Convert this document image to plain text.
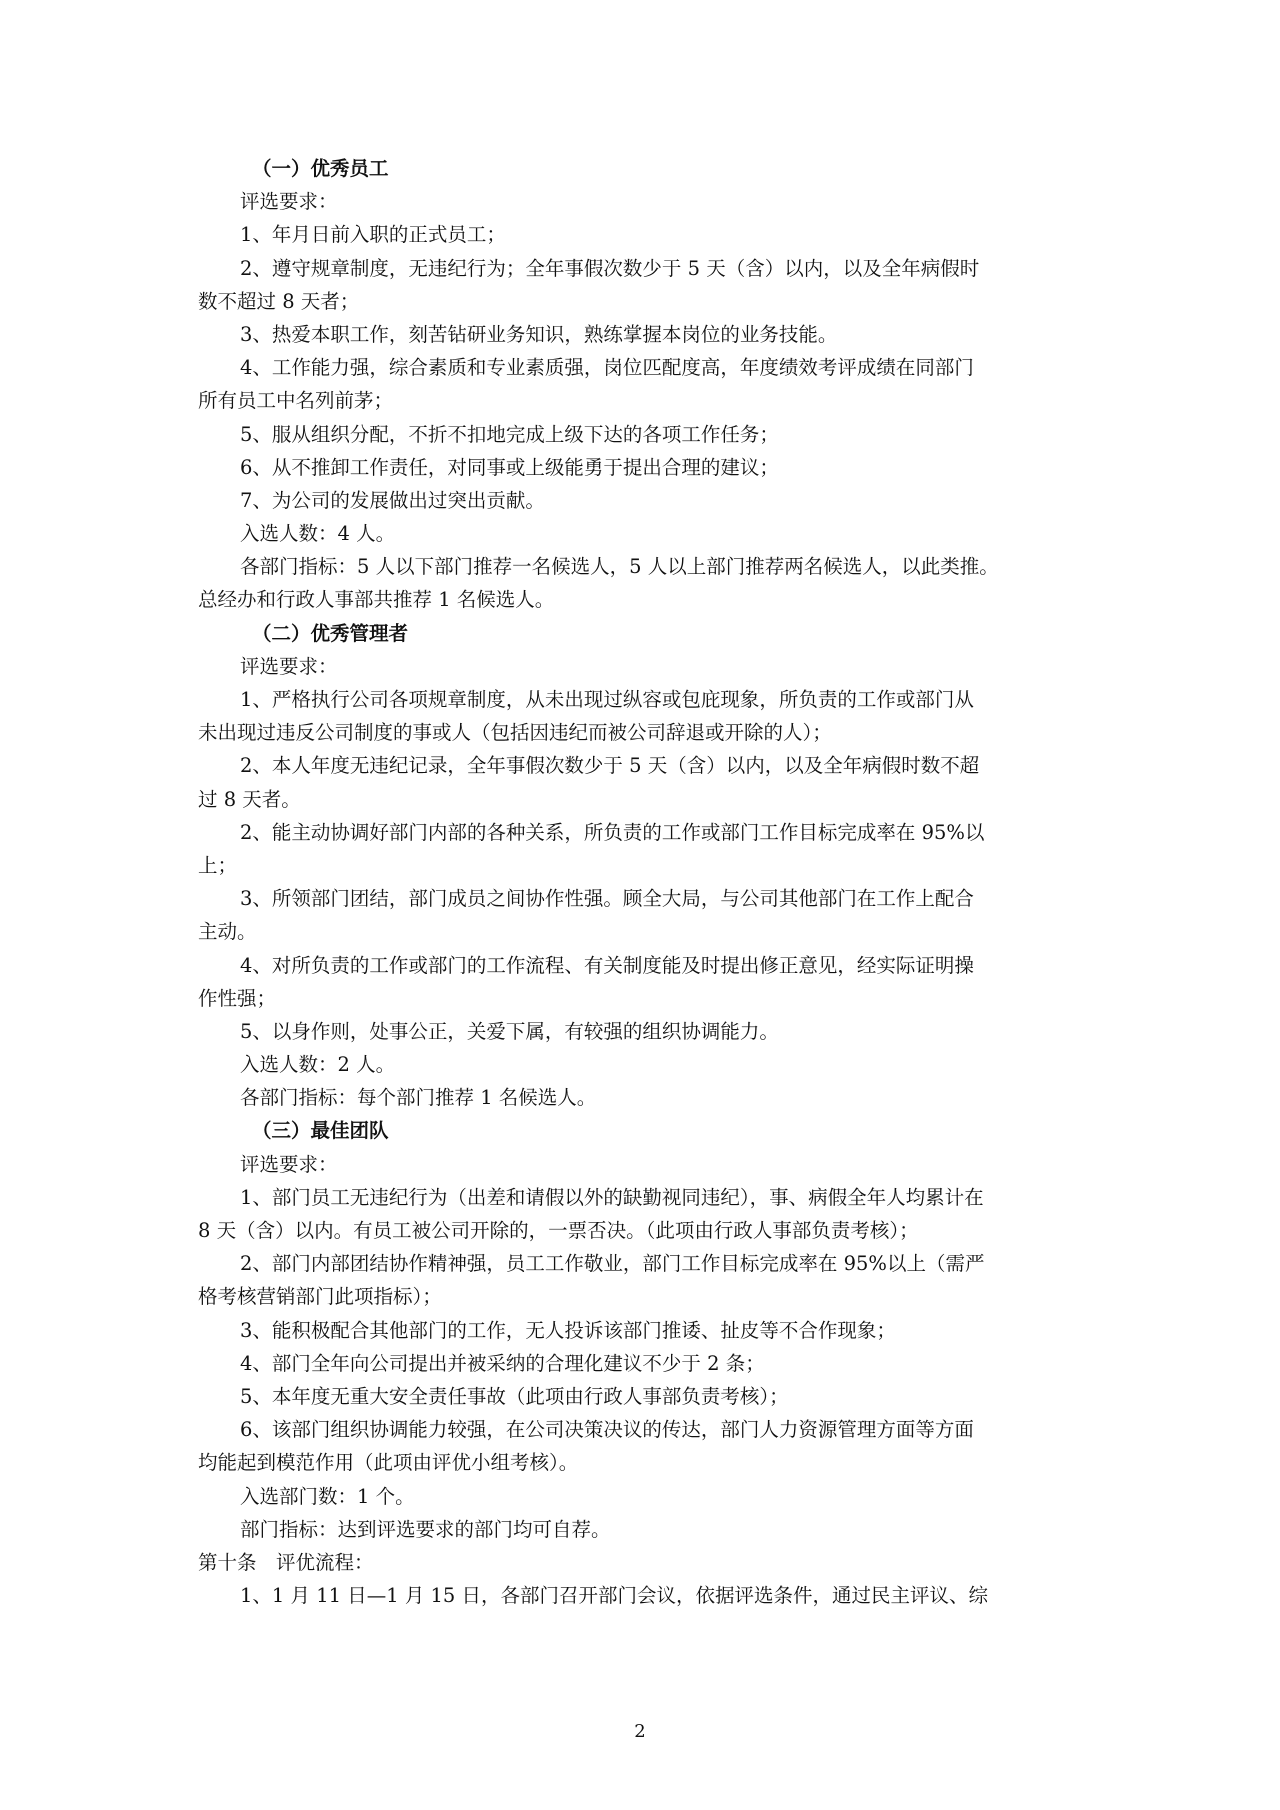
（一）优秀员工
评选要求：
1、年月日前入职的正式员工；
2、遵守规章制度，无违纪行为；全年事假次数少于 5 天（含）以内，以及全年病假时
数不超过 8 天者；
3、热爱本职工作，刻苦钻研业务知识，熟练掌握本岗位的业务技能。
4、工作能力强，综合素质和专业素质强，岗位匹配度高，年度绩效考评成绩在同部门
所有员工中名列前茅；
5、服从组织分配，不折不扣地完成上级下达的各项工作任务；
6、从不推卸工作责任，对同事或上级能勇于提出合理的建议；
7、为公司的发展做出过突出贡献。
入选人数：4 人。
各部门指标：5 人以下部门推荐一名候选人，5 人以上部门推荐两名候选人，以此类推。
总经办和行政人事部共推荐 1 名候选人。
（二）优秀管理者
评选要求：
1、严格执行公司各项规章制度，从未出现过纵容或包庇现象，所负责的工作或部门从
未出现过违反公司制度的事或人（包括因违纪而被公司辞退或开除的人）；
2、本人年度无违纪记录，全年事假次数少于 5 天（含）以内，以及全年病假时数不超
过 8 天者。
2、能主动协调好部门内部的各种关系，所负责的工作或部门工作目标完成率在 95%以
上；
3、所领部门团结，部门成员之间协作性强。顾全大局，与公司其他部门在工作上配合
主动。
4、对所负责的工作或部门的工作流程、有关制度能及时提出修正意见，经实际证明操
作性强；
5、以身作则，处事公正，关爱下属，有较强的组织协调能力。
入选人数：2 人。
各部门指标：每个部门推荐 1 名候选人。
（三）最佳团队
评选要求：
1、部门员工无违纪行为（出差和请假以外的缺勤视同违纪），事、病假全年人均累计在
8 天（含）以内。有员工被公司开除的，一票否决。（此项由行政人事部负责考核）；
2、部门内部团结协作精神强，员工工作敬业，部门工作目标完成率在 95%以上（需严
格考核营销部门此项指标）；
3、能积极配合其他部门的工作，无人投诉该部门推诿、扯皮等不合作现象；
4、部门全年向公司提出并被采纳的合理化建议不少于 2 条；
5、本年度无重大安全责任事故（此项由行政人事部负责考核）；
6、该部门组织协调能力较强，在公司决策决议的传达，部门人力资源管理方面等方面
均能起到模范作用（此项由评优小组考核）。
入选部门数：1 个。
部门指标：达到评选要求的部门均可自荐。
第十条　评优流程：
1、1 月 11 日—1 月 15 日，各部门召开部门会议，依据评选条件，通过民主评议、综
2
